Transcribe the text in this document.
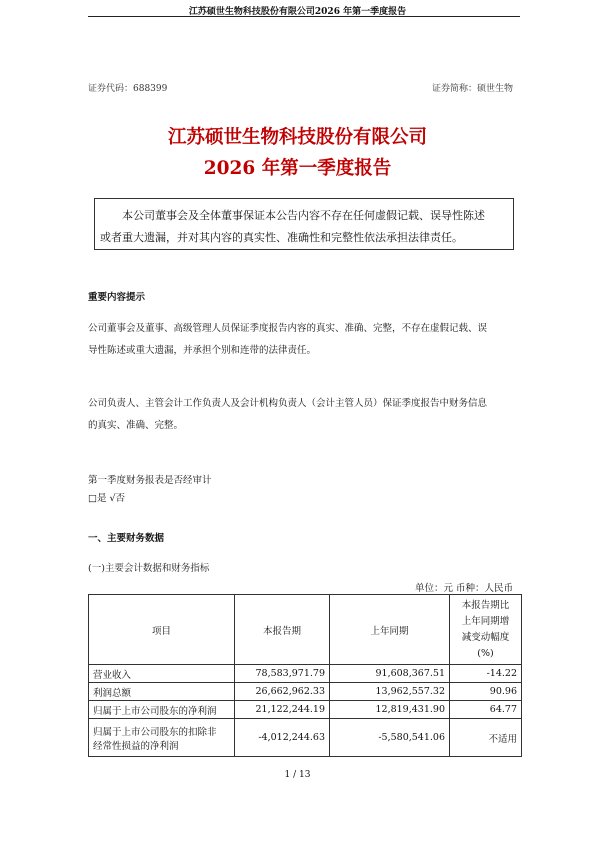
江苏硕世生物科技股份有限公司2026 年第一季度报告
证券代码：688399	证券简称：硕世生物
江苏硕世生物科技股份有限公司
2026 年第一季度报告
本公司董事会及全体董事保证本公告内容不存在任何虚假记载、误导性陈述
或者重大遗漏，并对其内容的真实性、准确性和完整性依法承担法律责任。
重要内容提示
公司董事会及董事、高级管理人员保证季度报告内容的真实、准确、完整，不存在虚假记载、误
导性陈述或重大遗漏，并承担个别和连带的法律责任。
公司负责人、主管会计工作负责人及会计机构负责人（会计主管人员）保证季度报告中财务信息
的真实、准确、完整。
第一季度财务报表是否经审计
□是 √否
一、主要财务数据
(一)主要会计数据和财务指标
单位：元 币种：人民币
项目	本报告期	上年同期	本报告期比
上年同期增
减变动幅度
(%)

营业收入	78,583,971.79	91,608,367.51	-14.22
利润总额	26,662,962.33	13,962,557.32	90.96
归属于上市公司股东的净利润	21,122,244.19	12,819,431.90	64.77

归属于上市公司股东的扣除非
经常性损益的净利润	-4,012,244.63	-5,580,541.06	不适用
1 / 13
